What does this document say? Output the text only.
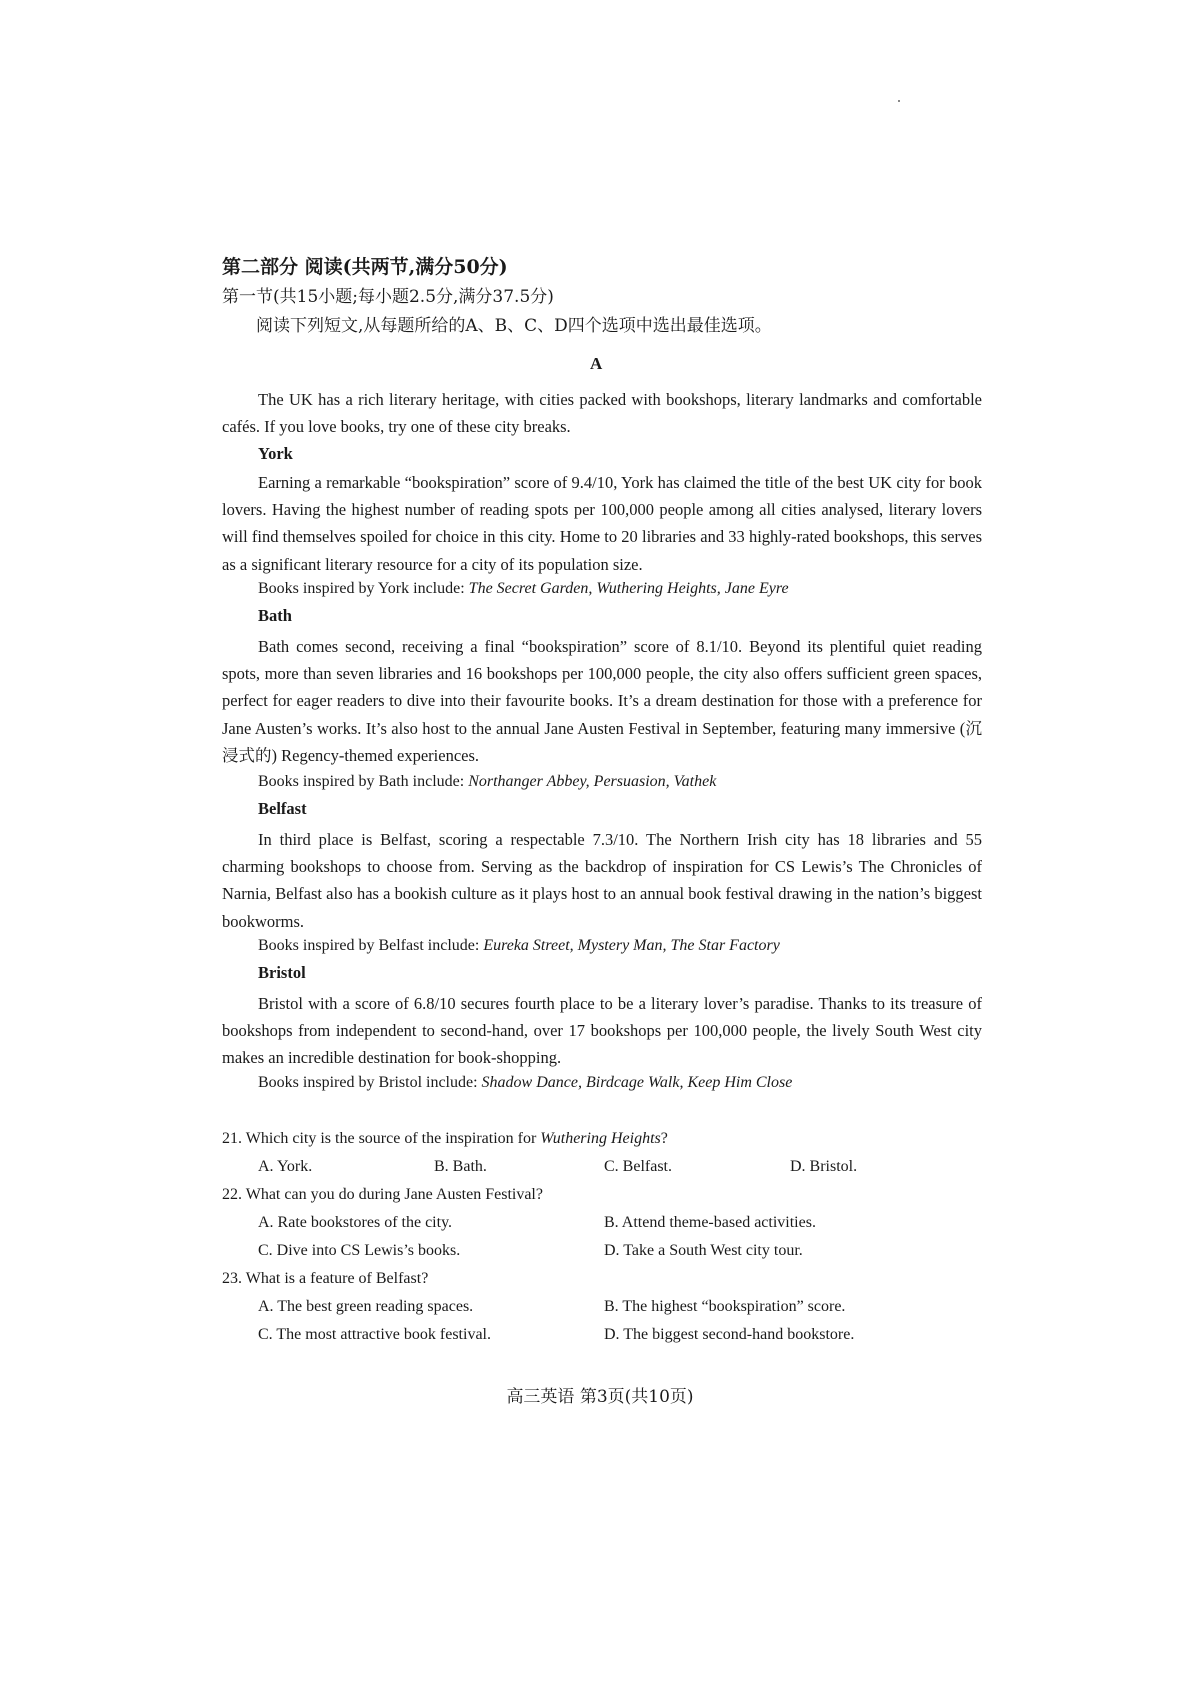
第二部分 阅读(共两节,满分50分)
第一节(共15小题;每小题2.5分,满分37.5分)
阅读下列短文,从每题所给的A、B、C、D四个选项中选出最佳选项。
A

The UK has a rich literary heritage, with cities packed with bookshops, literary landmarks and comfortable cafés. If you love books, try one of these city breaks.

York

Earning a remarkable “bookspiration” score of 9.4/10, York has claimed the title of the best UK city for book lovers. Having the highest number of reading spots per 100,000 people among all cities analysed, literary lovers will find themselves spoiled for choice in this city. Home to 20 libraries and 33 highly-rated bookshops, this serves as a significant literary resource for a city of its population size.

Books inspired by York include: The Secret Garden, Wuthering Heights, Jane Eyre
Bath

Bath comes second, receiving a final “bookspiration” score of 8.1/10. Beyond its plentiful quiet reading spots, more than seven libraries and 16 bookshops per 100,000 people, the city also offers sufficient green spaces, perfect for eager readers to dive into their favourite books. It’s a dream destination for those with a preference for Jane Austen’s works. It’s also host to the annual Jane Austen Festival in September, featuring many immersive (沉浸式的) Regency-themed experiences.

Books inspired by Bath include: Northanger Abbey, Persuasion, Vathek
Belfast

In third place is Belfast, scoring a respectable 7.3/10. The Northern Irish city has 18 libraries and 55 charming bookshops to choose from. Serving as the backdrop of inspiration for CS Lewis’s The Chronicles of Narnia, Belfast also has a bookish culture as it plays host to an annual book festival drawing in the nation’s biggest bookworms.

Books inspired by Belfast include: Eureka Street, Mystery Man, The Star Factory
Bristol

Bristol with a score of 6.8/10 secures fourth place to be a literary lover’s paradise. Thanks to its treasure of bookshops from independent to second-hand, over 17 bookshops per 100,000 people, the lively South West city makes an incredible destination for book-shopping.

Books inspired by Bristol include: Shadow Dance, Birdcage Walk, Keep Him Close
21. Which city is the source of the inspiration for Wuthering Heights?
A. York.	B. Bath.	C. Belfast.	D. Bristol.
22. What can you do during Jane Austen Festival?
A. Rate bookstores of the city.	B. Attend theme-based activities.
C. Dive into CS Lewis’s books.	D. Take a South West city tour.
23. What is a feature of Belfast?
A. The best green reading spaces.	B. The highest “bookspiration” score.
C. The most attractive book festival.	D. The biggest second-hand bookstore.
高三英语 第3页(共10页)
